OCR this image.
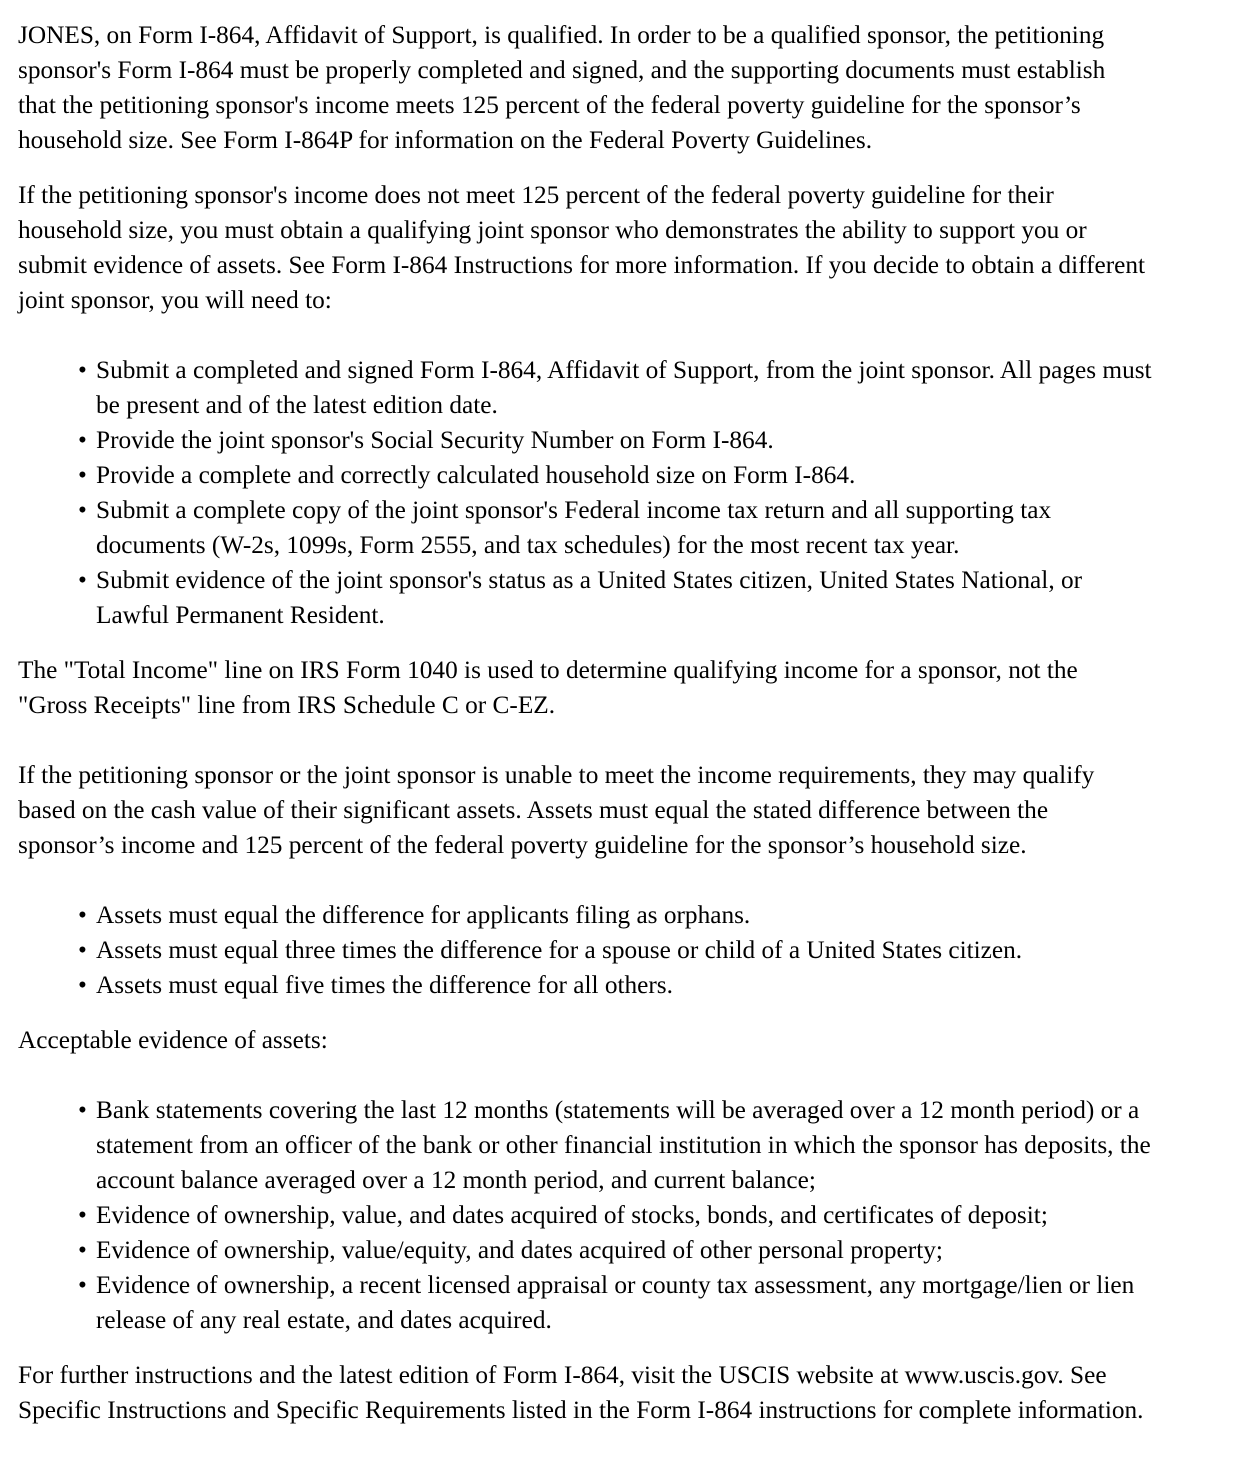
JONES, on Form I-864, Affidavit of Support, is qualified. In order to be a qualified sponsor, the petitioning
sponsor's Form I-864 must be properly completed and signed, and the supporting documents must establish
that the petitioning sponsor's income meets 125 percent of the federal poverty guideline for the sponsor’s
household size. See Form I-864P for information on the Federal Poverty Guidelines.
If the petitioning sponsor's income does not meet 125 percent of the federal poverty guideline for their
household size, you must obtain a qualifying joint sponsor who demonstrates the ability to support you or
submit evidence of assets. See Form I-864 Instructions for more information. If you decide to obtain a different
joint sponsor, you will need to:
• Submit a completed and signed Form I-864, Affidavit of Support, from the joint sponsor. All pages must
be present and of the latest edition date.
• Provide the joint sponsor's Social Security Number on Form I-864.
• Provide a complete and correctly calculated household size on Form I-864.
• Submit a complete copy of the joint sponsor's Federal income tax return and all supporting tax
documents (W-2s, 1099s, Form 2555, and tax schedules) for the most recent tax year.
• Submit evidence of the joint sponsor's status as a United States citizen, United States National, or
Lawful Permanent Resident.
The "Total Income" line on IRS Form 1040 is used to determine qualifying income for a sponsor, not the
"Gross Receipts" line from IRS Schedule C or C-EZ.
If the petitioning sponsor or the joint sponsor is unable to meet the income requirements, they may qualify
based on the cash value of their significant assets. Assets must equal the stated difference between the
sponsor’s income and 125 percent of the federal poverty guideline for the sponsor’s household size.
• Assets must equal the difference for applicants filing as orphans.
• Assets must equal three times the difference for a spouse or child of a United States citizen.
• Assets must equal five times the difference for all others.
Acceptable evidence of assets:
• Bank statements covering the last 12 months (statements will be averaged over a 12 month period) or a
statement from an officer of the bank or other financial institution in which the sponsor has deposits, the
account balance averaged over a 12 month period, and current balance;
• Evidence of ownership, value, and dates acquired of stocks, bonds, and certificates of deposit;
• Evidence of ownership, value/equity, and dates acquired of other personal property;
• Evidence of ownership, a recent licensed appraisal or county tax assessment, any mortgage/lien or lien
release of any real estate, and dates acquired.
For further instructions and the latest edition of Form I-864, visit the USCIS website at www.uscis.gov. See
Specific Instructions and Specific Requirements listed in the Form I-864 instructions for complete information.
